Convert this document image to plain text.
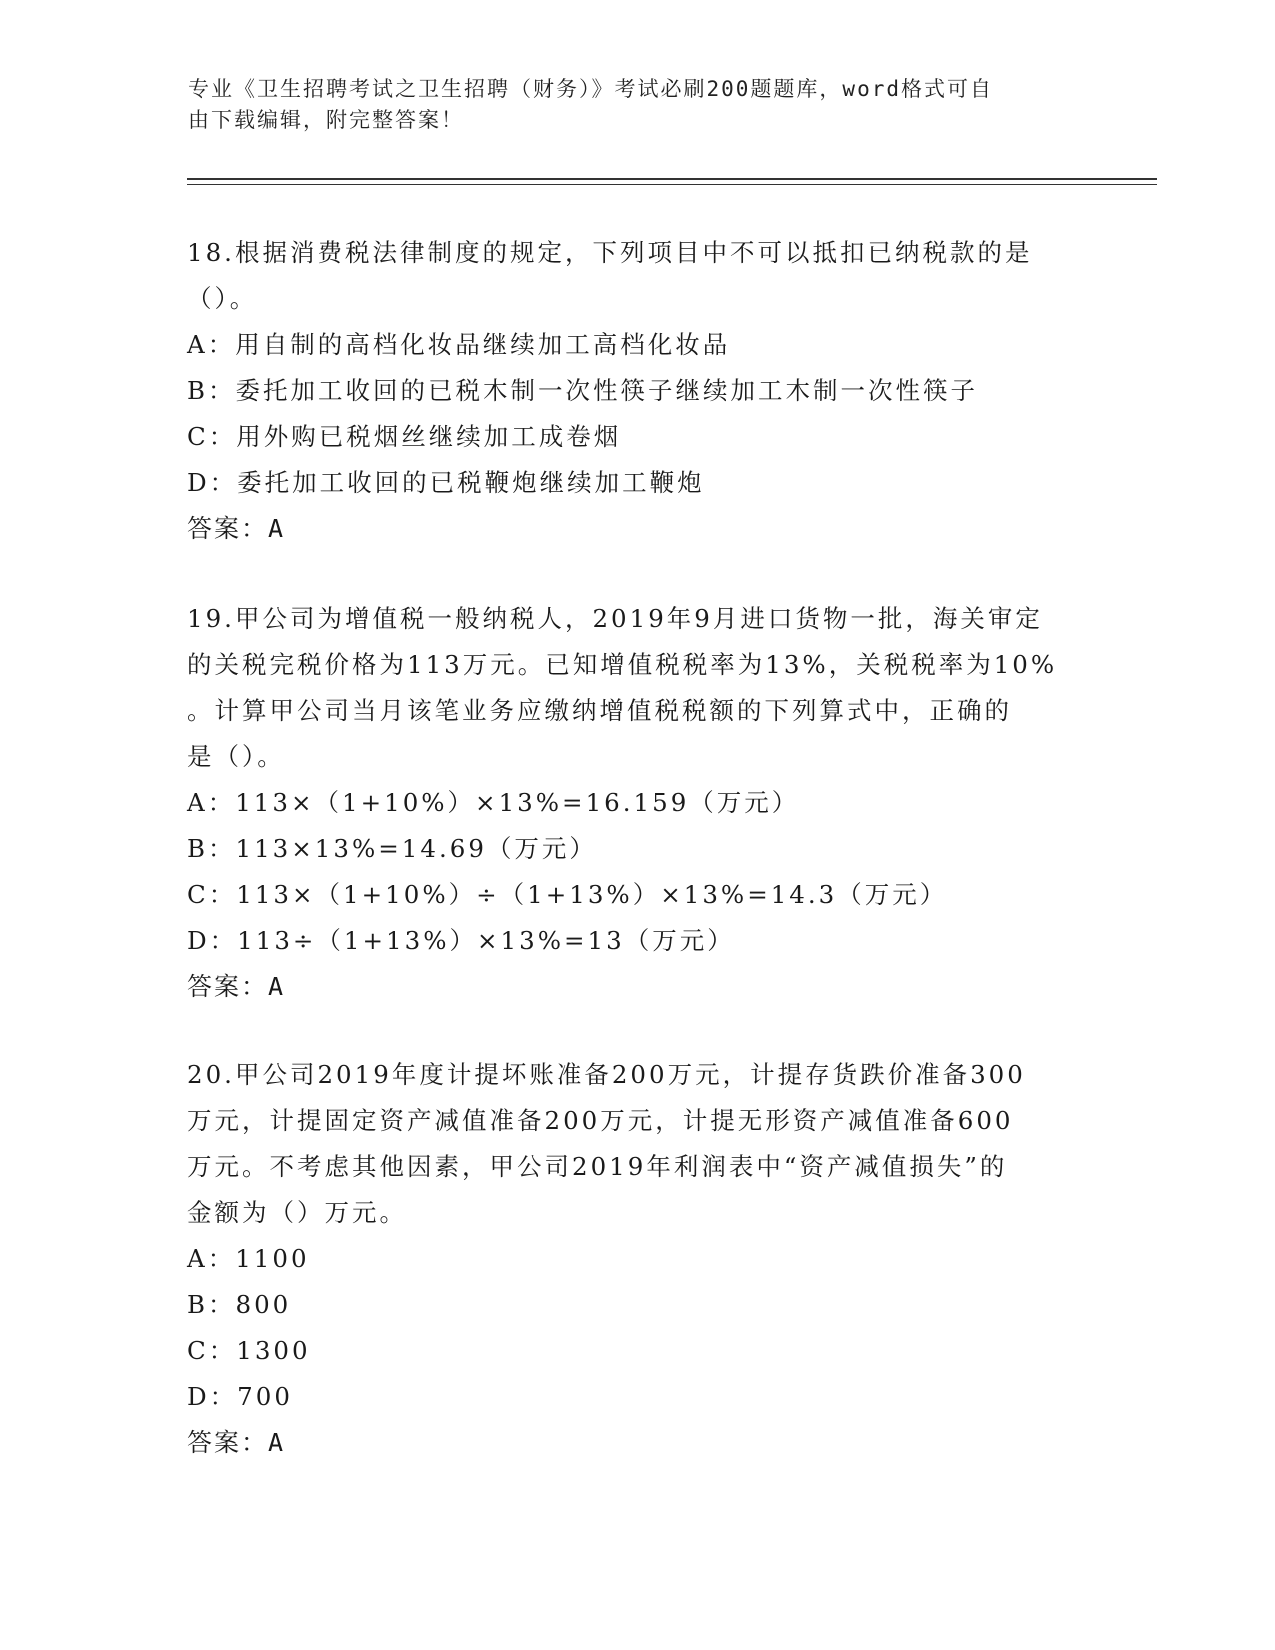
专业《卫生招聘考试之卫生招聘（财务）》考试必刷200题题库，word格式可自
由下载编辑，附完整答案！
18.根据消费税法律制度的规定，下列项目中不可以抵扣已纳税款的是
（）。
A：用自制的高档化妆品继续加工高档化妆品
B：委托加工收回的已税木制一次性筷子继续加工木制一次性筷子
C：用外购已税烟丝继续加工成卷烟
D：委托加工收回的已税鞭炮继续加工鞭炮
答案：A
19.甲公司为增值税一般纳税人，2019年9月进口货物一批，海关审定
的关税完税价格为113万元。已知增值税税率为13%，关税税率为10%
。计算甲公司当月该笔业务应缴纳增值税税额的下列算式中，正确的
是（）。
A：113×（1+10%）×13%=16.159（万元）
B：113×13%=14.69（万元）
C：113×（1+10%）÷（1+13%）×13%=14.3（万元）
D：113÷（1+13%）×13%=13（万元）
答案：A
20.甲公司2019年度计提坏账准备200万元，计提存货跌价准备300
万元，计提固定资产减值准备200万元，计提无形资产减值准备600
万元。不考虑其他因素，甲公司2019年利润表中“资产减值损失”的
金额为（）万元。
A：1100
B：800
C：1300
D：700
答案：A
